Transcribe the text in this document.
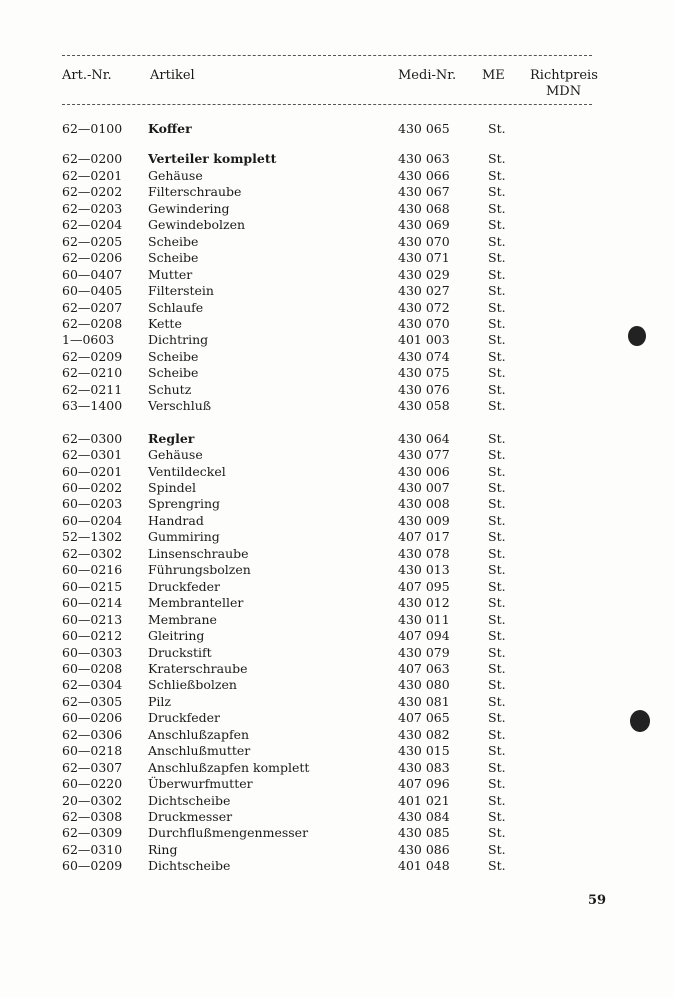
Art.-Nr.	Artikel	Medi-Nr. ME Richtpreis
MDN
62—0100 Koffer	430 065	St.
62—0200 Verteiler komplett	430 063	St.
62—0201 Gehäuse	430 066	St.
62—0202 Filterschraube	430 067	St.
62—0203 Gewindering	430 068	St.
62—0204 Gewindebolzen	430 069	St.
62—0205 Scheibe	430 070	St.
62—0206 Scheibe	430 071	St.
60—0407 Mutter	430 029	St.
60—0405 Filterstein	430 027	St.
62—0207 Schlaufe	430 072	St.
62—0208 Kette	430 070	St.
1—0603	Dichtring	401 003	St.
62—0209 Scheibe	430 074	St.
62—0210 Scheibe	430 075	St.
62—0211 Schutz	430 076	St.
63—1400 Verschluß	430 058	St.
62—0300 Regler	430 064	St.
62—0301 Gehäuse	430 077	St.
60—0201 Ventildeckel	430 006	St.
60—0202 Spindel	430 007	St.
60—0203 Sprengring	430 008	St.
60—0204 Handrad	430 009	St.
52—1302 Gummiring	407 017	St.
62—0302 Linsenschraube	430 078	St.
60—0216 Führungsbolzen	430 013	St.
60—0215 Druckfeder	407 095	St.
60—0214 Membranteller	430 012	St.
60—0213 Membrane	430 011	St.
60—0212 Gleitring	407 094	St.
60—0303 Druckstift	430 079	St.
60—0208 Kraterschraube	407 063	St.
62—0304 Schließbolzen	430 080	St.
62—0305 Pilz	430 081	St.
60—0206 Druckfeder	407 065	St.
62—0306 Anschlußzapfen	430 082	St.
60—0218 Anschlußmutter	430 015	St.
62—0307 Anschlußzapfen komplett	430 083	St.
60—0220 Überwurfmutter	407 096	St.
20—0302 Dichtscheibe	401 021	St.
62—0308 Druckmesser	430 084	St.
62—0309 Durchflußmengenmesser	430 085	St.
62—0310 Ring	430 086	St.
60—0209 Dichtscheibe	401 048	St.
59
